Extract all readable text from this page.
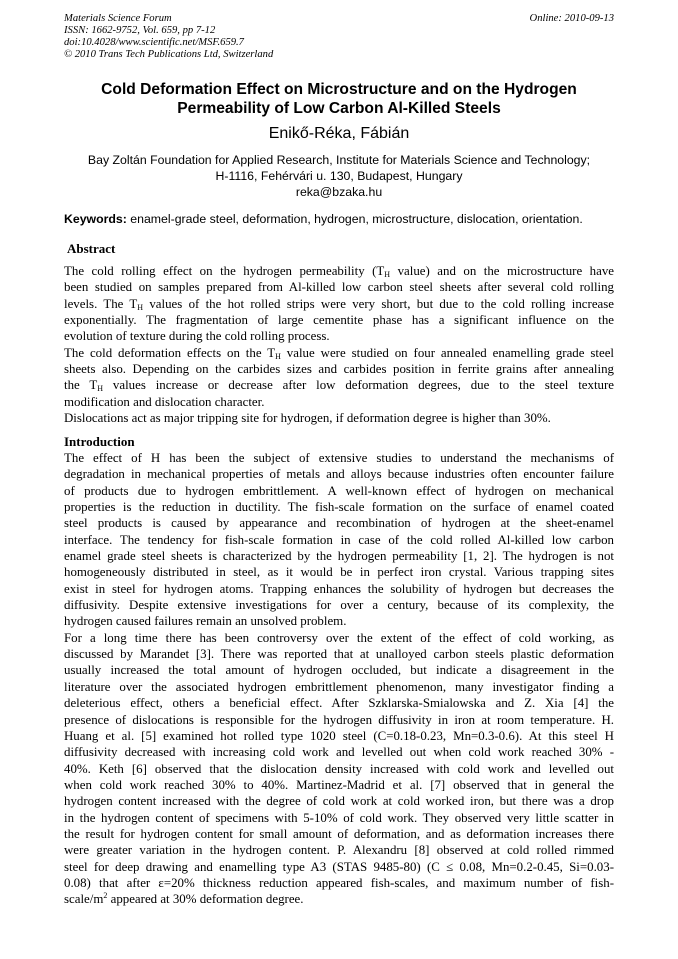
Materials Science Forum
ISSN: 1662-9752, Vol. 659, pp 7-12
doi:10.4028/www.scientific.net/MSF.659.7
© 2010 Trans Tech Publications Ltd, Switzerland
Online: 2010-09-13
Cold Deformation Effect on Microstructure and on the Hydrogen
Permeability of Low Carbon Al-Killed Steels
Enikő-Réka, Fábián
Bay Zoltán Foundation for Applied Research, Institute for Materials Science and Technology;
H-1116, Fehérvári u. 130, Budapest, Hungary
reka@bzaka.hu
Keywords: enamel-grade steel, deformation, hydrogen, microstructure, dislocation, orientation.
Abstract
The cold rolling effect on the hydrogen permeability ($T_H$ value) and on the microstructure have
been studied on samples prepared from Al-killed low carbon steel sheets after several cold rolling
levels. The $T_H$ values of the hot rolled strips were very short, but due to the cold rolling increase
exponentially. The fragmentation of large cementite phase has a significant influence on the
evolution of texture during the cold rolling process.
The cold deformation effects on the $T_H$ value were studied on four annealed enamelling grade steel
sheets also. Depending on the carbides sizes and carbides position in ferrite grains after annealing
the $T_H$ values increase or decrease after low deformation degrees, due to the steel texture
modification and dislocation character.
Dislocations act as major tripping site for hydrogen, if deformation degree is higher than 30%.
Introduction
The effect of H has been the subject of extensive studies to understand the mechanisms of
degradation in mechanical properties of metals and alloys because industries often encounter failure
of products due to hydrogen embrittlement. A well-known effect of hydrogen on mechanical
properties is the reduction in ductility. The fish-scale formation on the surface of enamel coated
steel products is caused by appearance and recombination of hydrogen at the sheet-enamel
interface. The tendency for fish-scale formation in case of the cold rolled Al-killed low carbon
enamel grade steel sheets is characterized by the hydrogen permeability [1, 2]. The hydrogen is not
homogeneously distributed in steel, as it would be in perfect iron crystal. Various trapping sites
exist in steel for hydrogen atoms. Trapping enhances the solubility of hydrogen but decreases the
diffusivity. Despite extensive investigations for over a century, because of its complexity, the
hydrogen caused failures remain an unsolved problem.
For a long time there has been controversy over the extent of the effect of cold working, as
discussed by Marandet [3]. There was reported that at unalloyed carbon steels plastic deformation
usually increased the total amount of hydrogen occluded, but indicate a disagreement in the
literature over the associated hydrogen embrittlement phenomenon, many investigator finding a
deleterious effect, others a beneficial effect. After Szklarska-Smialowska and Z. Xia [4] the
presence of dislocations is responsible for the hydrogen diffusivity in iron at room temperature. H.
Huang et al. [5] examined hot rolled type 1020 steel (C=0.18-0.23, Mn=0.3-0.6). At this steel H
diffusivity decreased with increasing cold work and levelled out when cold work reached 30% -
40%. Keth [6] observed that the dislocation density increased with cold work and levelled out
when cold work reached 30% to 40%. Martinez-Madrid et al. [7] observed that in general the
hydrogen content increased with the degree of cold work at cold worked iron, but there was a drop
in the hydrogen content of specimens with 5-10% of cold work. They observed very little scatter in
the result for hydrogen content for small amount of deformation, and as deformation increases there
were greater variation in the hydrogen content. P. Alexandru [8] observed at cold rolled rimmed
steel for deep drawing and enamelling type A3 (STAS 9485-80) (C ≤ 0.08, Mn=0.2-0.45, Si=0.03-
0.08) that after ε=20% thickness reduction appeared fish-scales, and maximum number of fish-
scale/$m^2$ appeared at 30% deformation degree.
